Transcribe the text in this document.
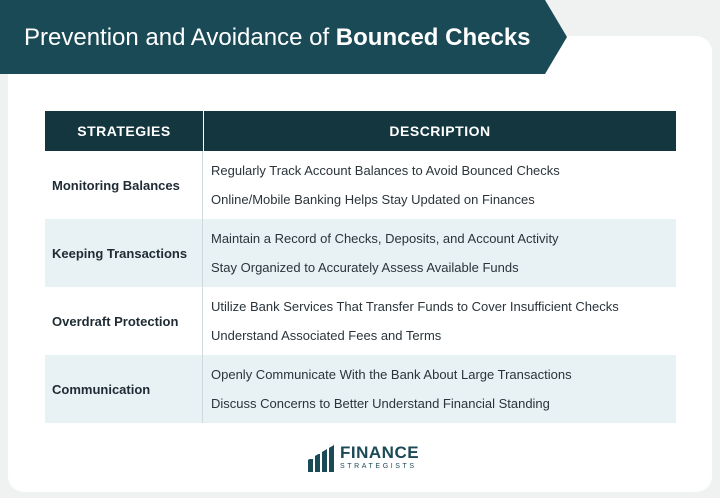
Prevention and Avoidance of Bounced Checks
STRATEGIES	DESCRIPTION
Monitoring Balances
Regularly Track Account Balances to Avoid Bounced Checks
Online/Mobile Banking Helps Stay Updated on Finances
Keeping Transactions
Maintain a Record of Checks, Deposits, and Account Activity
Stay Organized to Accurately Assess Available Funds
Overdraft Protection
Utilize Bank Services That Transfer Funds to Cover Insufficient Checks
Understand Associated Fees and Terms
Communication
Openly Communicate With the Bank About Large Transactions
Discuss Concerns to Better Understand Financial Standing
FINANCE
STRATEGISTS
